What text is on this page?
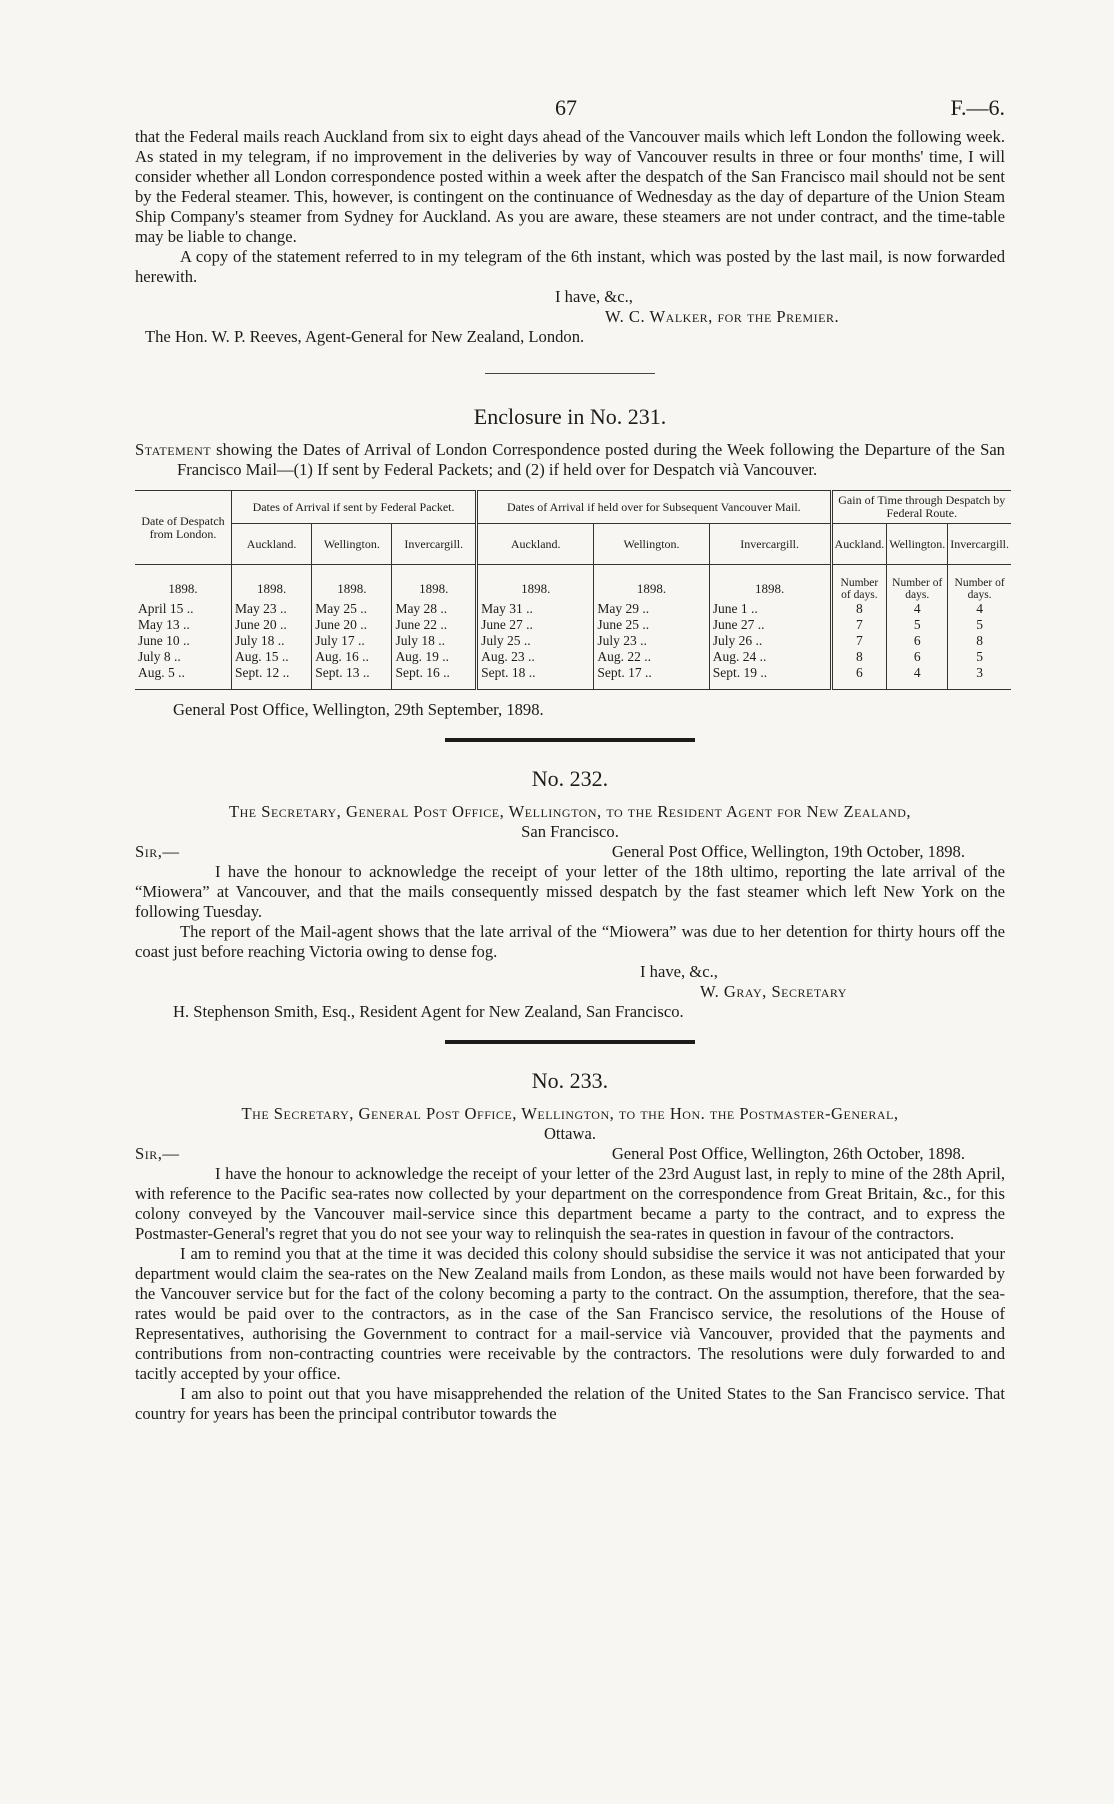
67	F.—6.

that the Federal mails reach Auckland from six to eight days ahead of the Vancouver mails which left London the following week. As stated in my telegram, if no improvement in the deliveries by way of Vancouver results in three or four months' time, I will consider whether all London correspondence posted within a week after the despatch of the San Francisco mail should not be sent by the Federal steamer. This, however, is contingent on the continuance of Wednesday as the day of departure of the Union Steam Ship Company's steamer from Sydney for Auckland. As you are aware, these steamers are not under contract, and the time-table may be liable to change.

A copy of the statement referred to in my telegram of the 6th instant, which was posted by the last mail, is now forwarded herewith.

I have, &c.,

W. C. Walker, for the Premier.

The Hon. W. P. Reeves, Agent-General for New Zealand, London.

Enclosure in No. 231.

Statement showing the Dates of Arrival of London Correspondence posted during the Week following the Departure of the San Francisco Mail—(1) If sent by Federal Packets; and (2) if held over for Despatch vià Vancouver.

Date of Despatch from London.	Dates of Arrival if sent by Federal Packet.			Dates of Arrival if held over for Subsequent Vancouver Mail.			Gain of Time through Despatch by Federal Route.		
	Auckland.	Wellington.	Invercargill.	Auckland.	Wellington.	Invercargill.	Auckland.	Wellington.	Invercargill.
1898.	1898.	1898.	1898.	1898.	1898.	1898.	Number of days.	Number of days.	Number of days.
April 15 ..	May 23 ..	May 25 ..	May 28 ..	May 31 ..	May 29 ..	June 1 ..	8	4	4
May 13 ..	June 20 ..	June 20 ..	June 22 ..	June 27 ..	June 25 ..	June 27 ..	7	5	5
June 10 ..	July 18 ..	July 17 ..	July 18 ..	July 25 ..	July 23 ..	July 26 ..	7	6	8
July 8 ..	Aug. 15 ..	Aug. 16 ..	Aug. 19 ..	Aug. 23 ..	Aug. 22 ..	Aug. 24 ..	8	6	5
Aug. 5 ..	Sept. 12 ..	Sept. 13 ..	Sept. 16 ..	Sept. 18 ..	Sept. 17 ..	Sept. 19 ..	6	4	3

General Post Office, Wellington, 29th September, 1898.

No. 232.

The Secretary, General Post Office, Wellington, to the Resident Agent for New Zealand,

San Francisco.

Sir,—	General Post Office, Wellington, 19th October, 1898.

I have the honour to acknowledge the receipt of your letter of the 18th ultimo, reporting the late arrival of the “Miowera” at Vancouver, and that the mails consequently missed despatch by the fast steamer which left New York on the following Tuesday.

The report of the Mail-agent shows that the late arrival of the “Miowera” was due to her detention for thirty hours off the coast just before reaching Victoria owing to dense fog.

I have, &c.,

W. Gray, Secretary

H. Stephenson Smith, Esq., Resident Agent for New Zealand, San Francisco.

No. 233.

The Secretary, General Post Office, Wellington, to the Hon. the Postmaster-General,

Ottawa.

Sir,—	General Post Office, Wellington, 26th October, 1898.

I have the honour to acknowledge the receipt of your letter of the 23rd August last, in reply to mine of the 28th April, with reference to the Pacific sea-rates now collected by your department on the correspondence from Great Britain, &c., for this colony conveyed by the Vancouver mail-service since this department became a party to the contract, and to express the Postmaster-General's regret that you do not see your way to relinquish the sea-rates in question in favour of the contractors.

I am to remind you that at the time it was decided this colony should subsidise the service it was not anticipated that your department would claim the sea-rates on the New Zealand mails from London, as these mails would not have been forwarded by the Vancouver service but for the fact of the colony becoming a party to the contract. On the assumption, therefore, that the sea-rates would be paid over to the contractors, as in the case of the San Francisco service, the resolutions of the House of Representatives, authorising the Government to contract for a mail-service vià Vancouver, provided that the payments and contributions from non-contracting countries were receivable by the contractors. The resolutions were duly forwarded to and tacitly accepted by your office.

I am also to point out that you have misapprehended the relation of the United States to the San Francisco service. That country for years has been the principal contributor towards the
